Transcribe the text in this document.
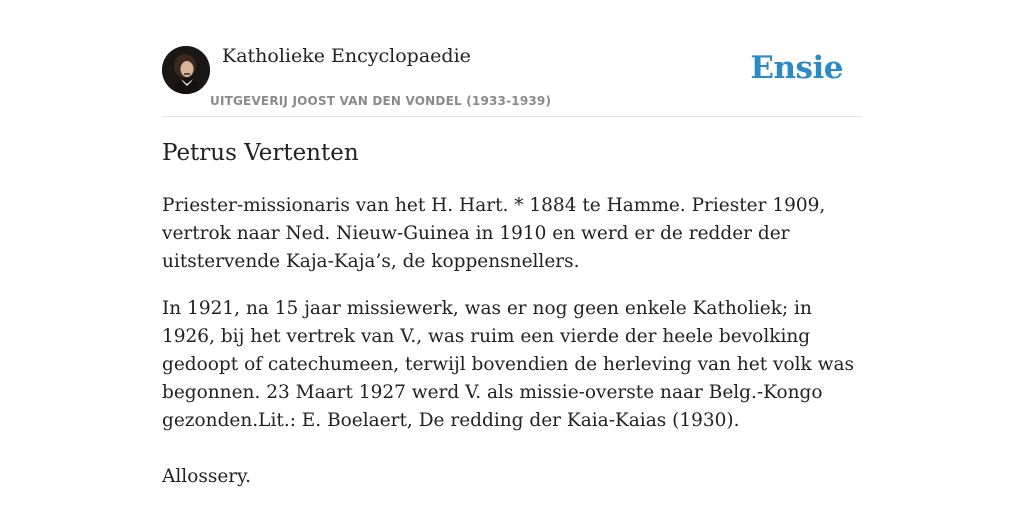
Katholieke Encyclopaedie
UITGEVERIJ JOOST VAN DEN VONDEL (1933-1939)
Ensie
Petrus Vertenten

Priester-missionaris van het H. Hart. * 1884 te Hamme. Priester 1909, vertrok naar Ned. Nieuw-Guinea in 1910 en werd er de redder der uitstervende Kaja-Kaja’s, de koppensnellers.

In 1921, na 15 jaar missiewerk, was er nog geen enkele Katholiek; in 1926, bij het vertrek van V., was ruim een vierde der heele bevolking gedoopt of catechumeen, terwijl bovendien de herleving van het volk was begonnen. 23 Maart 1927 werd V. als missie-overste naar Belg.-Kongo gezonden.Lit.: E. Boelaert, De redding der Kaia-Kaias (1930).

Allossery.
